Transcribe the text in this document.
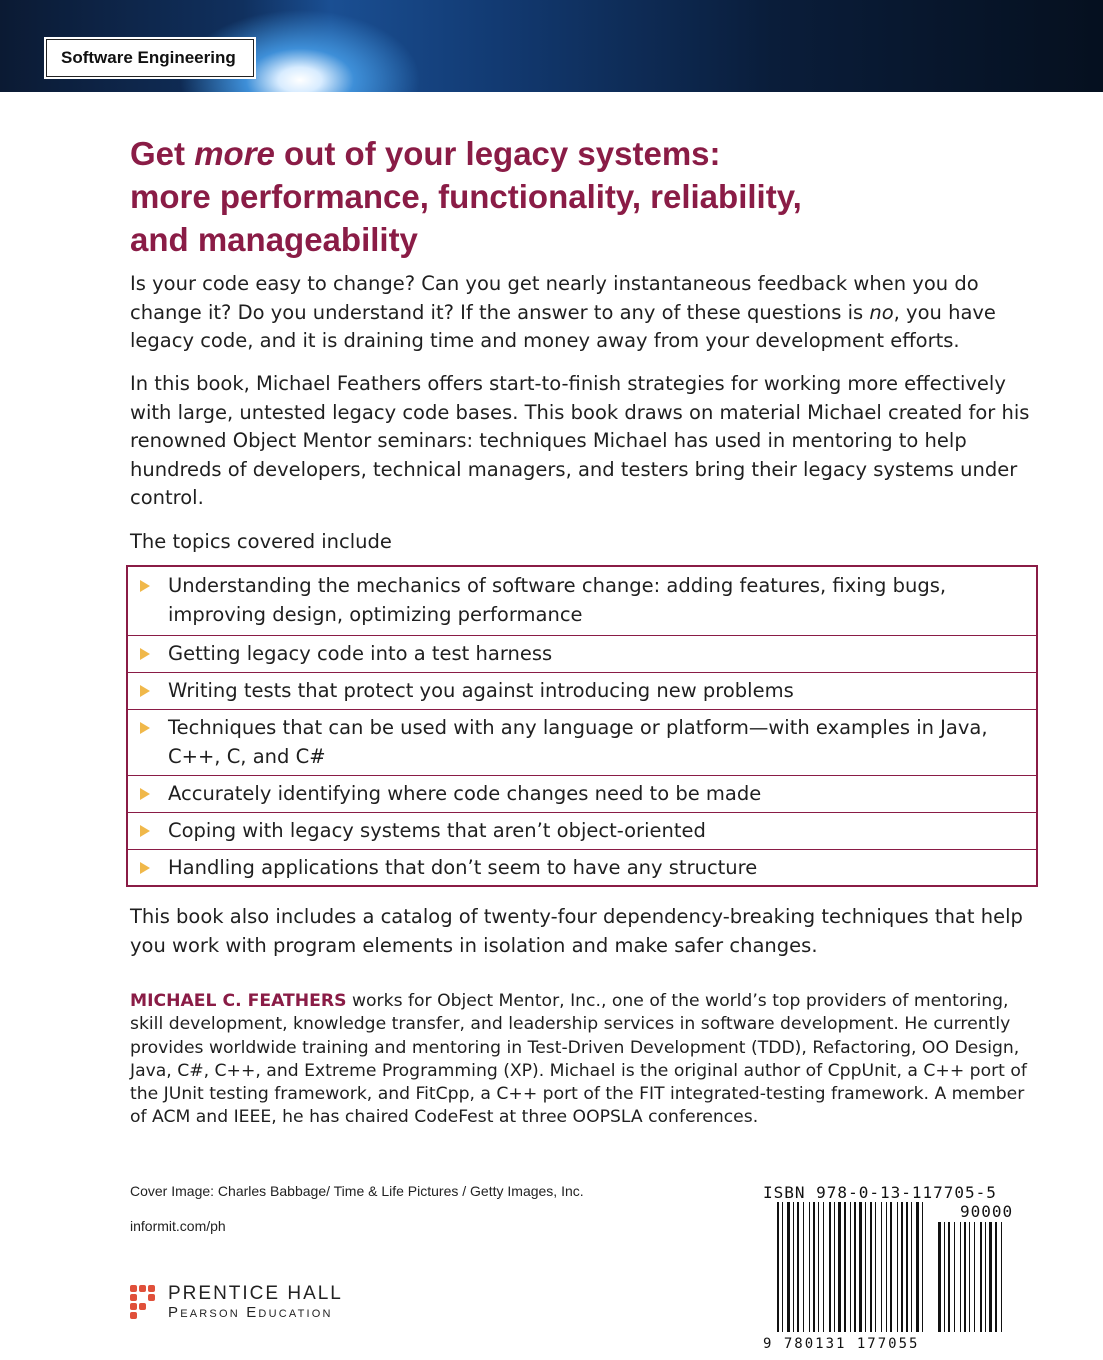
Software Engineering
Get more out of your legacy systems:
more performance, functionality, reliability,
and manageability

Is your code easy to change? Can you get nearly instantaneous feedback when you do change it? Do you understand it? If the answer to any of these questions is no, you have legacy code, and it is draining time and money away from your development efforts.

In this book, Michael Feathers offers start-to-finish strategies for working more effectively with large, untested legacy code bases. This book draws on material Michael created for his renowned Object Mentor seminars: techniques Michael has used in mentoring to help hundreds of developers, technical managers, and testers bring their legacy systems under control.

The topics covered include

Understanding the mechanics of software change: adding features, fixing bugs, improving design, optimizing performance
Getting legacy code into a test harness
Writing tests that protect you against introducing new problems
Techniques that can be used with any language or platform—with examples in Java, C++, C, and C#
Accurately identifying where code changes need to be made
Coping with legacy systems that aren’t object-oriented
Handling applications that don’t seem to have any structure

This book also includes a catalog of twenty-four dependency-breaking techniques that help you work with program elements in isolation and make safer changes.

MICHAEL C. FEATHERS works for Object Mentor, Inc., one of the world’s top providers of mentoring, skill development, knowledge transfer, and leadership services in software development. He currently provides worldwide training and mentoring in Test-Driven Development (TDD), Refactoring, OO Design, Java, C#, C++, and Extreme Programming (XP). Michael is the original author of CppUnit, a C++ port of the JUnit testing framework, and FitCpp, a C++ port of the FIT integrated-testing framework. A member of ACM and IEEE, he has chaired CodeFest at three OOPSLA conferences.

Cover Image: Charles Babbage/ Time & Life Pictures / Getty Images, Inc.
informit.com/ph
PRENTICE HALL
Pearson Education
ISBN 978-0-13-117705-5
90000
9 780131 177055
